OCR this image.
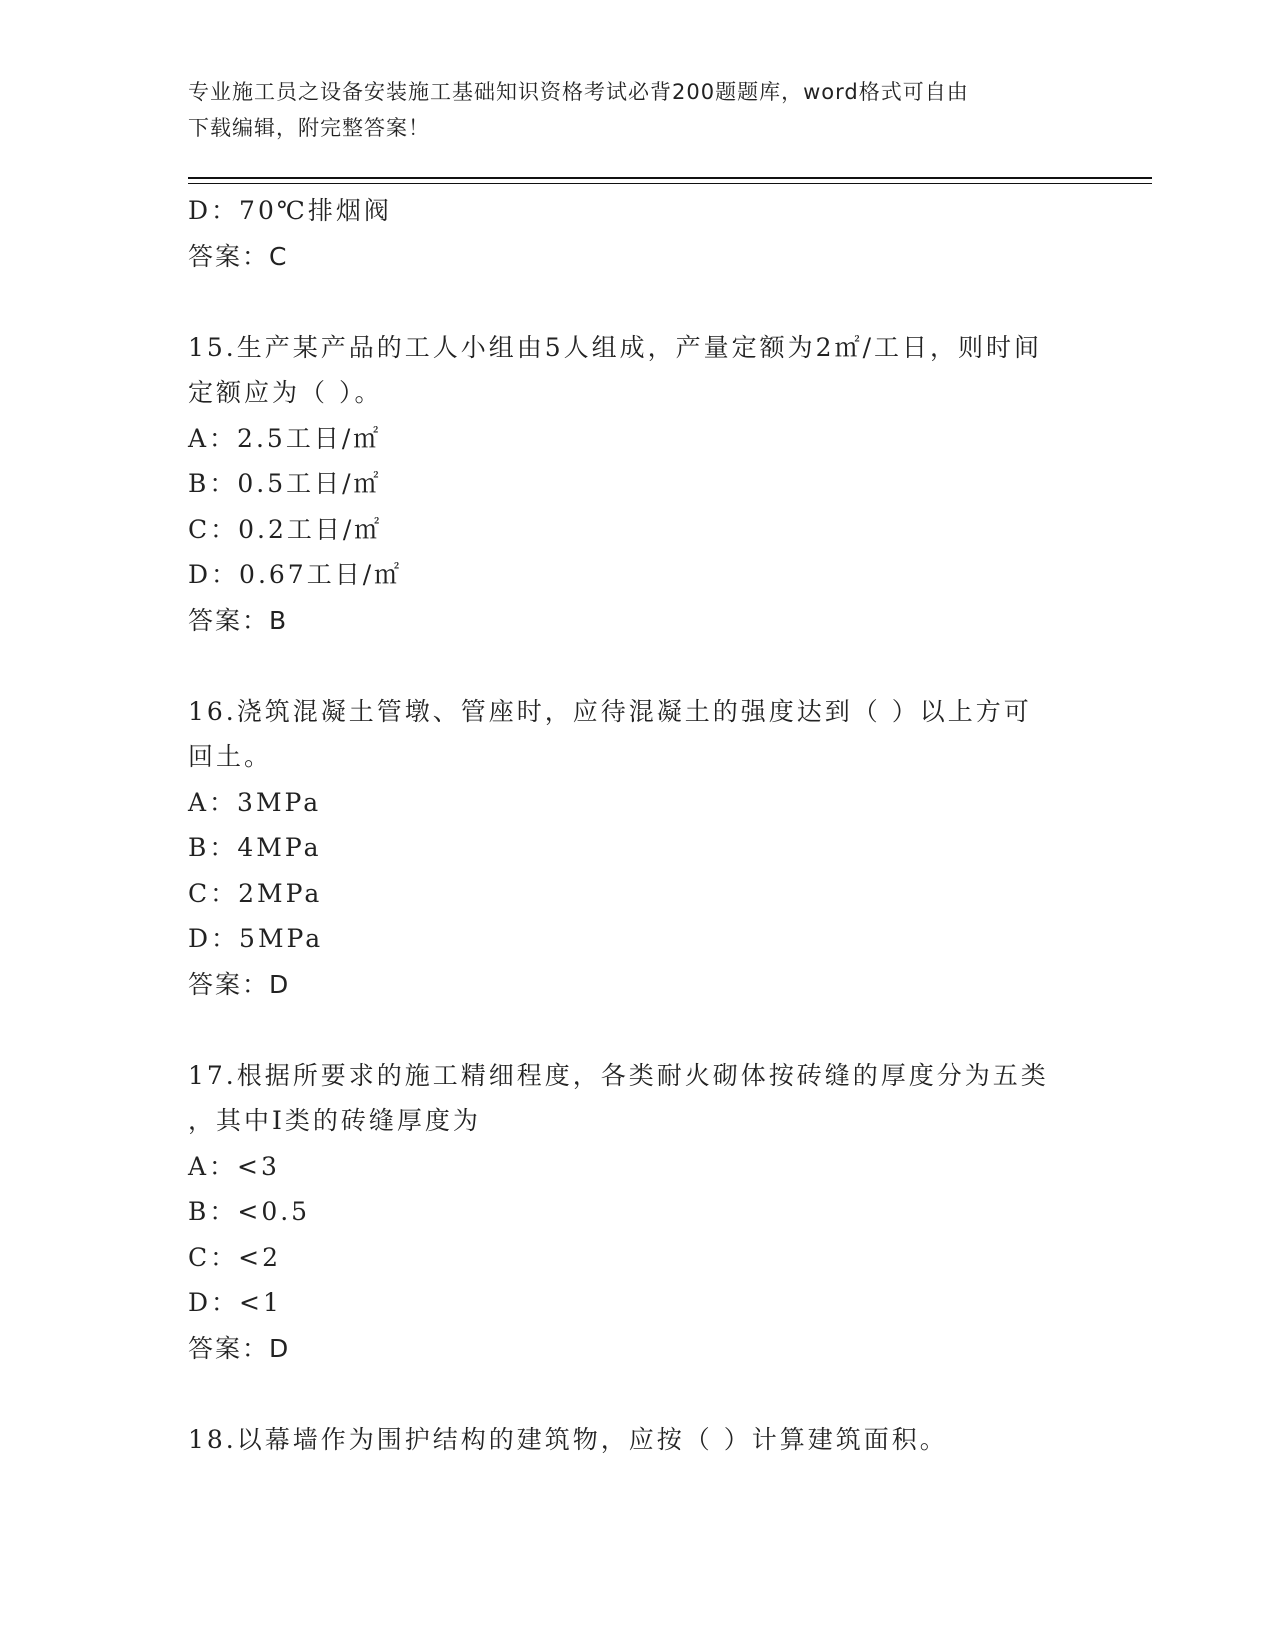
专业施工员之设备安装施工基础知识资格考试必背200题题库，word格式可自由
下载编辑，附完整答案！
D：70℃排烟阀
答案：C
15.生产某产品的工人小组由5人组成，产量定额为2㎡/工日，则时间
定额应为（ ）。
A：2.5工日/㎡
B：0.5工日/㎡
C：0.2工日/㎡
D：0.67工日/㎡
答案：B
16.浇筑混凝土管墩、管座时，应待混凝土的强度达到（ ）以上方可
回土。
A：3MPa
B：4MPa
C：2MPa
D：5MPa
答案：D
17.根据所要求的施工精细程度，各类耐火砌体按砖缝的厚度分为五类
，其中I类的砖缝厚度为
A：<3
B：<0.5
C：<2
D：<1
答案：D
18.以幕墙作为围护结构的建筑物，应按（ ）计算建筑面积。
